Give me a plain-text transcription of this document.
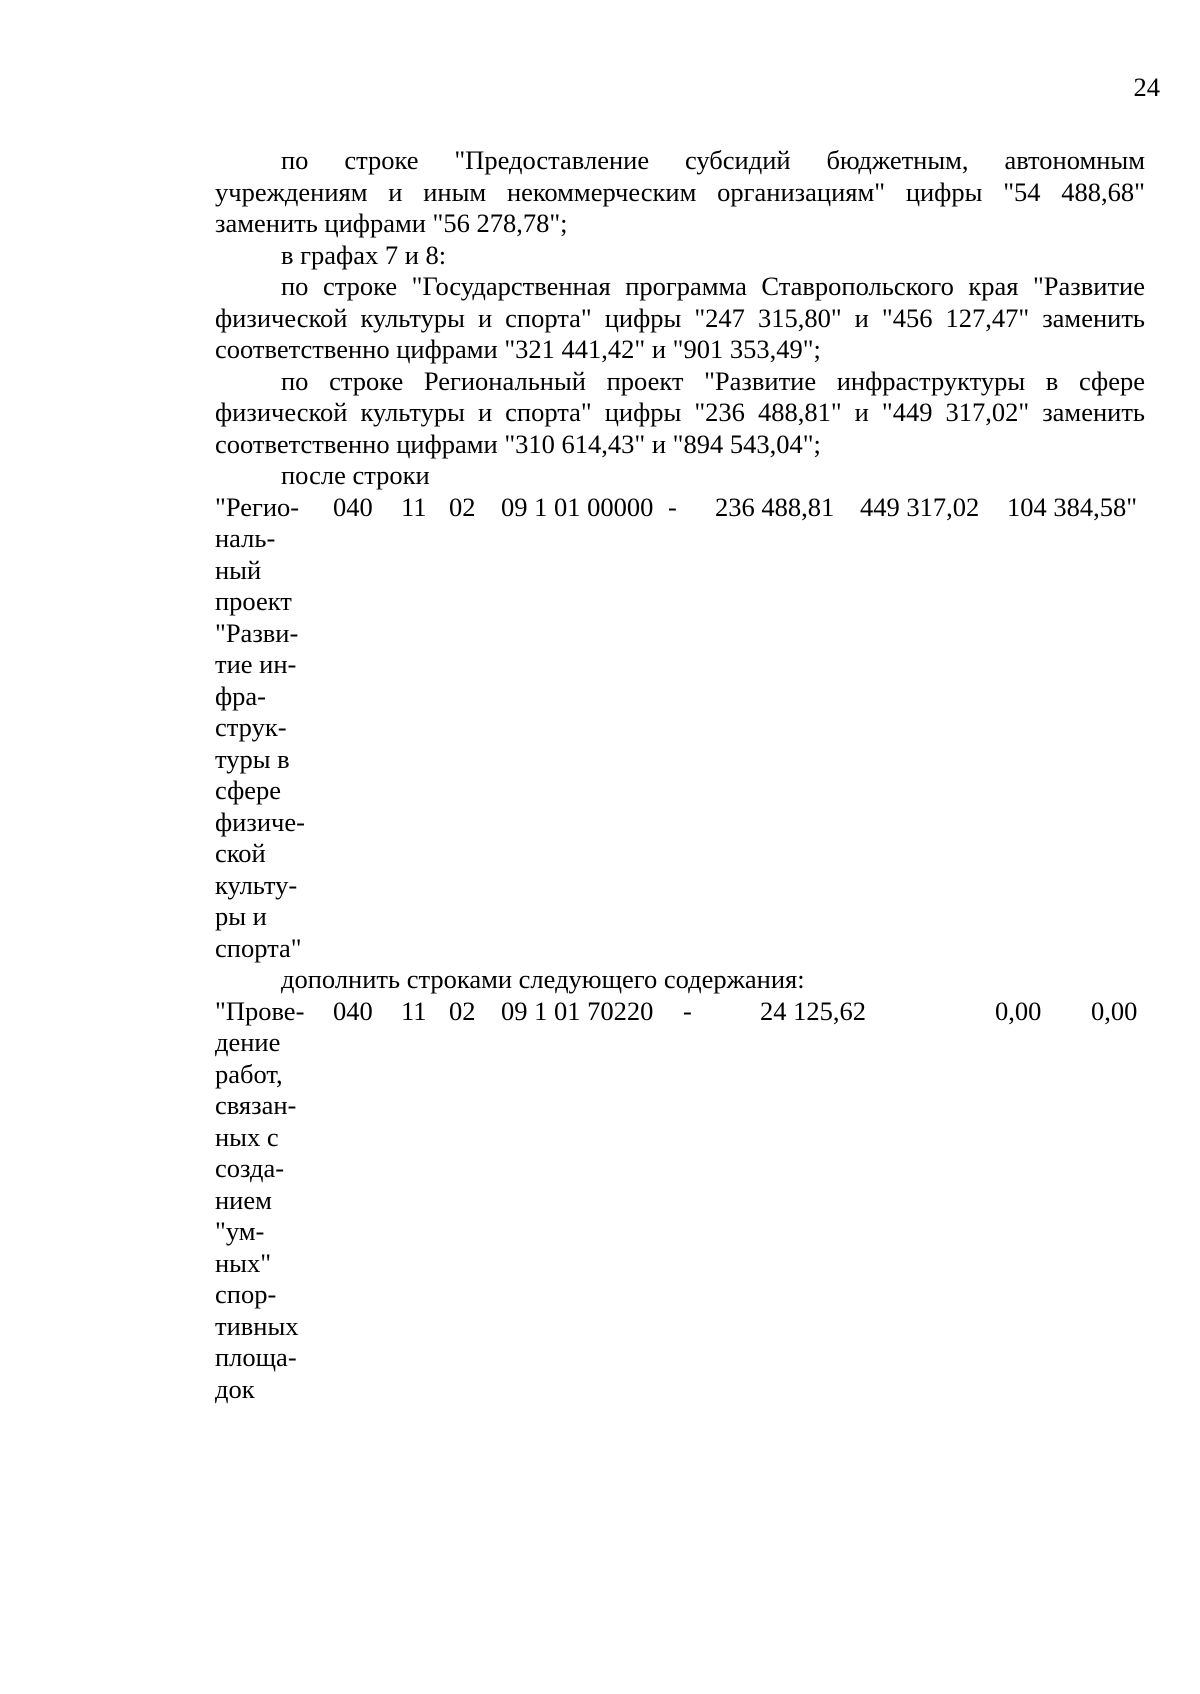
24

по строке "Предоставление субсидий бюджетным, автономным учреждениям и иным некоммерческим организациям" цифры "54 488,68" заменить цифрами "56 278,78";

в графах 7 и 8:

по строке "Государственная программа Ставропольского края "Развитие физической культуры и спорта" цифры "247 315,80" и "456 127,47" заменить соответственно цифрами "321 441,42" и "901 353,49";

по строке Региональный проект "Развитие инфраструктуры в сфере физической культуры и спорта" цифры "236 488,81" и "449 317,02" заменить соответственно цифрами "310 614,43" и "894 543,04";

после строки

"Регио-
наль-
ный
проект
"Разви-
тие ин-
фра-
струк-
туры в
сфере
физиче-
ской
культу-
ры и
спорта"
040 11 02 09 1 01 00000 - 236 488,81 449 317,02 104 384,58"

дополнить строками следующего содержания:

"Прове-
дение
работ,
связан-
ных с
созда-
нием
"ум-
ных"
спор-
тивных
площа-
док
040 11 02 09 1 01 70220 -	24 125,62	0,00 0,00
